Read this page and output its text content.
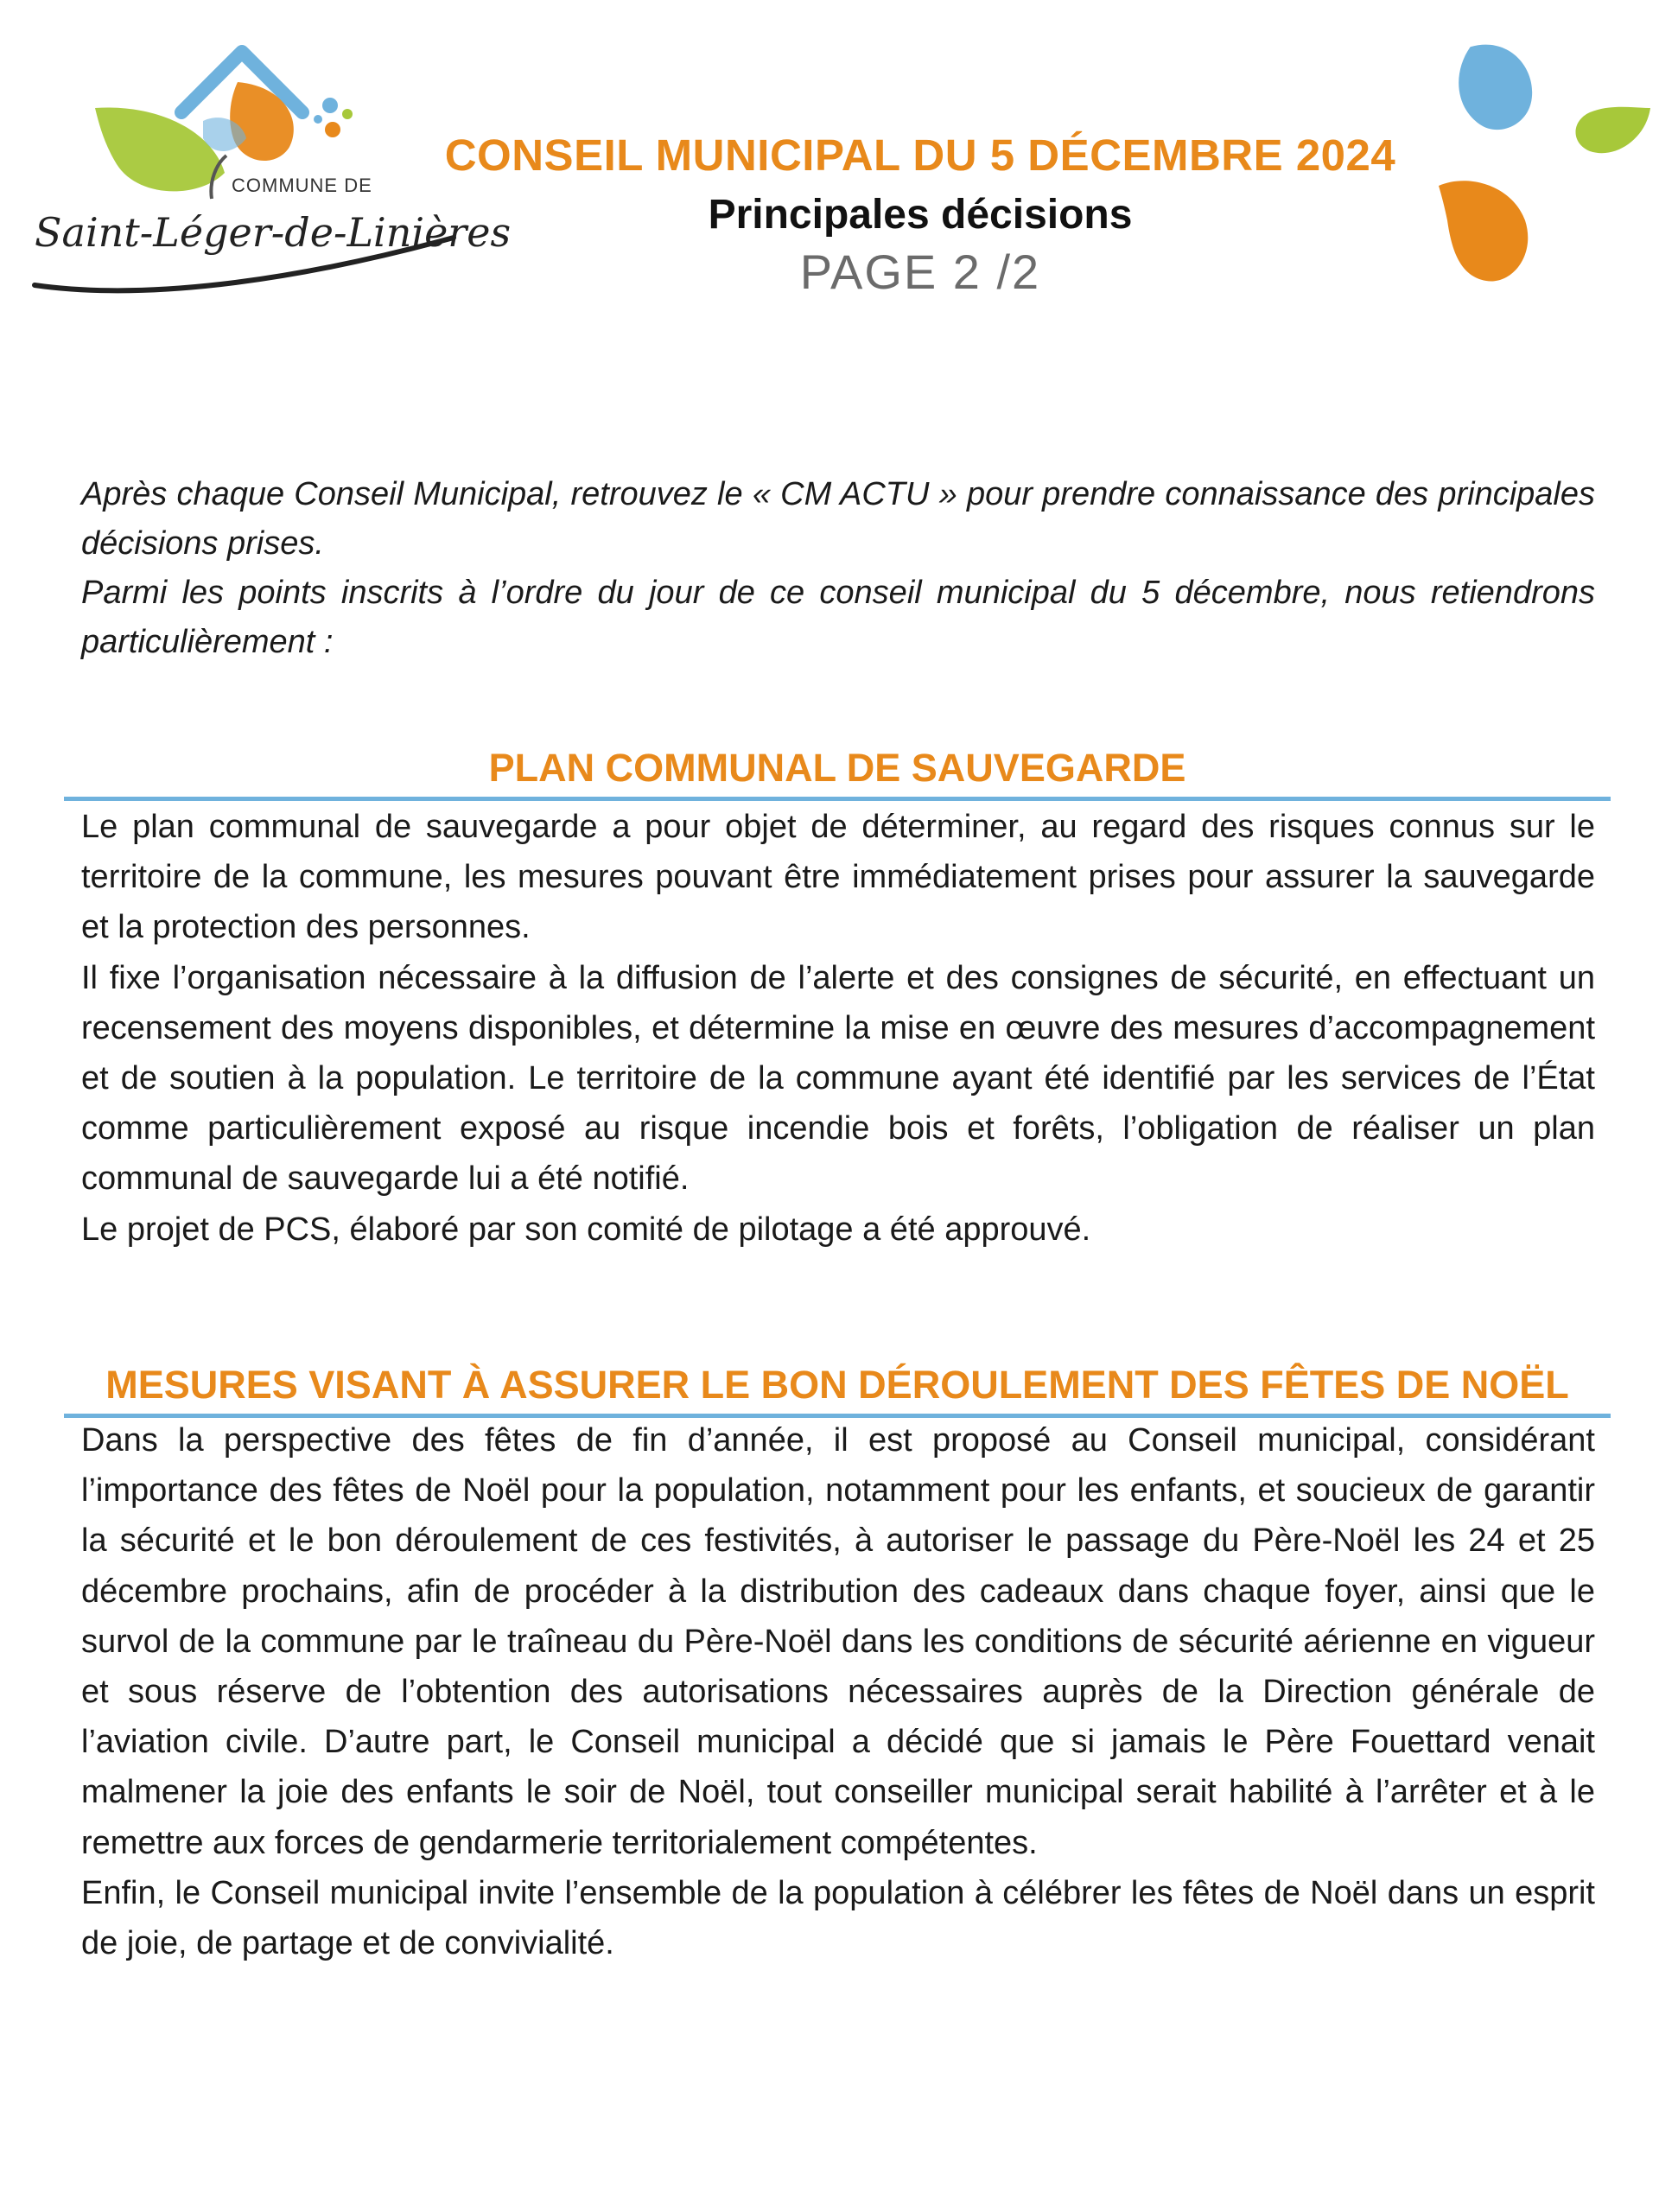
COMMUNE DE
Saint-Léger-de-Linières
CONSEIL MUNICIPAL DU 5 DÉCEMBRE 2024
Principales décisions
PAGE 2 /2

Après chaque Conseil Municipal, retrouvez le « CM ACTU » pour prendre connaissance des principales décisions prises.

Parmi les points inscrits à l’ordre du jour de ce conseil municipal du 5 décembre, nous retiendrons particulièrement :

PLAN COMMUNAL DE SAUVEGARDE

Le plan communal de sauvegarde a pour objet de déterminer, au regard des risques connus sur le territoire de la commune, les mesures pouvant être immédiatement prises pour assurer la sauvegarde et la protection des personnes.

Il fixe l’organisation nécessaire à la diffusion de l’alerte et des consignes de sécurité, en effectuant un recensement des moyens disponibles, et détermine la mise en œuvre des mesures d’accompagnement et de soutien à la population. Le territoire de la commune ayant été identifié par les services de l’État comme particulièrement exposé au risque incendie bois et forêts, l’obligation de réaliser un plan communal de sauvegarde lui a été notifié.

Le projet de PCS, élaboré par son comité de pilotage a été approuvé.

MESURES VISANT À ASSURER LE BON DÉROULEMENT DES FÊTES DE NOËL

Dans la perspective des fêtes de fin d’année, il est proposé au Conseil municipal, considérant l’importance des fêtes de Noël pour la population, notamment pour les enfants, et soucieux de garantir la sécurité et le bon déroulement de ces festivités, à autoriser le passage du Père-Noël les 24 et 25 décembre prochains, afin de procéder à la distribution des cadeaux dans chaque foyer, ainsi que le survol de la commune par le traîneau du Père-Noël dans les conditions de sécurité aérienne en vigueur et sous réserve de l’obtention des autorisations nécessaires auprès de la Direction générale de l’aviation civile. D’autre part, le Conseil municipal a décidé que si jamais le Père Fouettard venait malmener la joie des enfants le soir de Noël, tout conseiller municipal serait habilité à l’arrêter et à le remettre aux forces de gendarmerie territorialement compétentes.

Enfin, le Conseil municipal invite l’ensemble de la population à célébrer les fêtes de Noël dans un esprit de joie, de partage et de convivialité.
